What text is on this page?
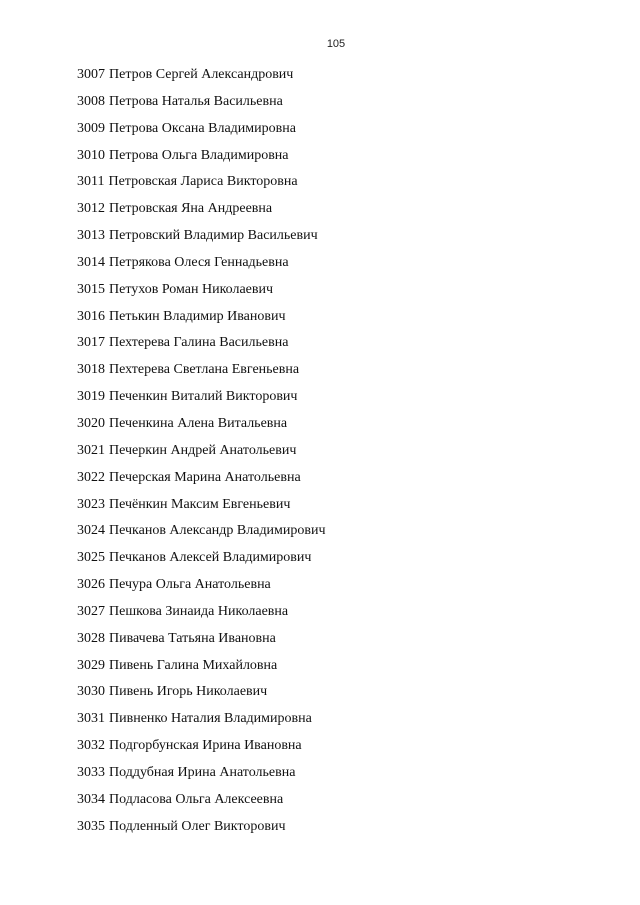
105
3007 Петров Сергей Александрович
3008 Петрова Наталья Васильевна
3009 Петрова Оксана Владимировна
3010 Петрова Ольга Владимировна
3011 Петровская Лариса Викторовна
3012 Петровская Яна Андреевна
3013 Петровский Владимир Васильевич
3014 Петрякова Олеся Геннадьевна
3015 Петухов Роман Николаевич
3016 Петькин Владимир Иванович
3017 Пехтерева Галина Васильевна
3018 Пехтерева Светлана Евгеньевна
3019 Печенкин Виталий Викторович
3020 Печенкина Алена Витальевна
3021 Печеркин Андрей Анатольевич
3022 Печерская Марина Анатольевна
3023 Печёнкин Максим Евгеньевич
3024 Печканов Александр Владимирович
3025 Печканов Алексей Владимирович
3026 Печура Ольга Анатольевна
3027 Пешкова Зинаида Николаевна
3028 Пивачева Татьяна Ивановна
3029 Пивень Галина Михайловна
3030 Пивень Игорь Николаевич
3031 Пивненко Наталия Владимировна
3032 Подгорбунская Ирина Ивановна
3033 Поддубная Ирина Анатольевна
3034 Подласова Ольга Алексеевна
3035 Подленный Олег Викторович
